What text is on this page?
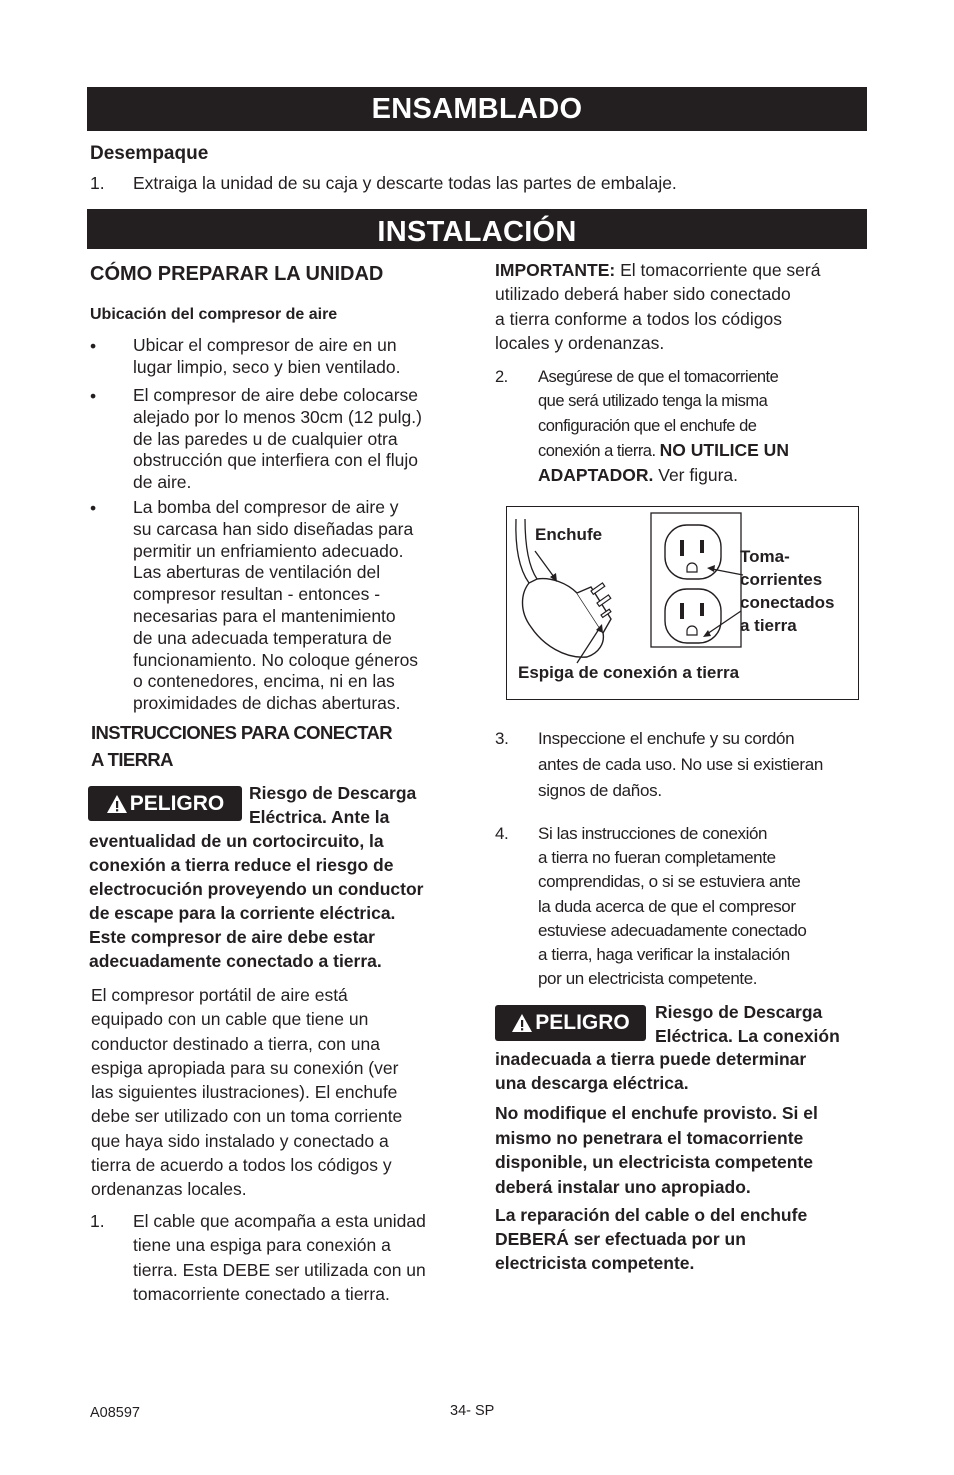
ENSAMBLADO
Desempaque
1. Extraiga la unidad de su caja y descarte todas las partes de embalaje.
INSTALACIÓN
CÓMO PREPARAR LA UNIDAD
Ubicación del compresor de aire
• Ubicar el compresor de aire en un
lugar limpio, seco y bien ventilado.
• El compresor de aire debe colocarse
alejado por lo menos 30cm (12 pulg.)
de las paredes u de cualquier otra
obstrucción que interfiera con el flujo
de aire.
• La bomba del compresor de aire y
su carcasa han sido diseñadas para
permitir un enfriamiento adecuado.
Las aberturas de ventilación del
compresor resultan - entonces -
necesarias para el mantenimiento
de una adecuada temperatura de
funcionamiento. No coloque géneros
o contenedores, encima, ni en las
proximidades de dichas aberturas.
INSTRUCCIONES PARA CONECTAR
A TIERRA
PELIGRO Riesgo de Descarga
Eléctrica. Ante la
eventualidad de un cortocircuito, la
conexión a tierra reduce el riesgo de
electrocución proveyendo un conductor
de escape para la corriente eléctrica.
Este compresor de aire debe estar
adecuadamente conectado a tierra.
El compresor portátil de aire está
equipado con un cable que tiene un
conductor destinado a tierra, con una
espiga apropiada para su conexión (ver
las siguientes ilustraciones). El enchufe
debe ser utilizado con un toma corriente
que haya sido instalado y conectado a
tierra de acuerdo a todos los códigos y
ordenanzas locales.
1. El cable que acompaña a esta unidad
tiene una espiga para conexión a
tierra. Esta DEBE ser utilizada con un
tomacorriente conectado a tierra.
IMPORTANTE: El tomacorriente que será
utilizado deberá haber sido conectado
a tierra conforme a todos los códigos
locales y ordenanzas.
2. Asegúrese de que el tomacorriente
que será utilizado tenga la misma
configuración que el enchufe de
conexión a tierra. NO UTILICE UN
ADAPTADOR. Ver figura.
Enchufe
Toma-
corrientes
conectados
a tierra
Espiga de conexión a tierra
3. Inspeccione el enchufe y su cordón
antes de cada uso. No use si existieran
signos de daños.
4. Si las instrucciones de conexión
a tierra no fueran completamente
comprendidas, o si se estuviera ante
la duda acerca de que el compresor
estuviese adecuadamente conectado
a tierra, haga verificar la instalación
por un electricista competente.
PELIGRO Riesgo de Descarga
Eléctrica. La conexión
inadecuada a tierra puede determinar
una descarga eléctrica.
No modifique el enchufe provisto. Si el
mismo no penetrara el tomacorriente
disponible, un electricista competente
deberá instalar uno apropiado.
La reparación del cable o del enchufe
DEBERÁ ser efectuada por un
electricista competente.
A08597	34- SP
